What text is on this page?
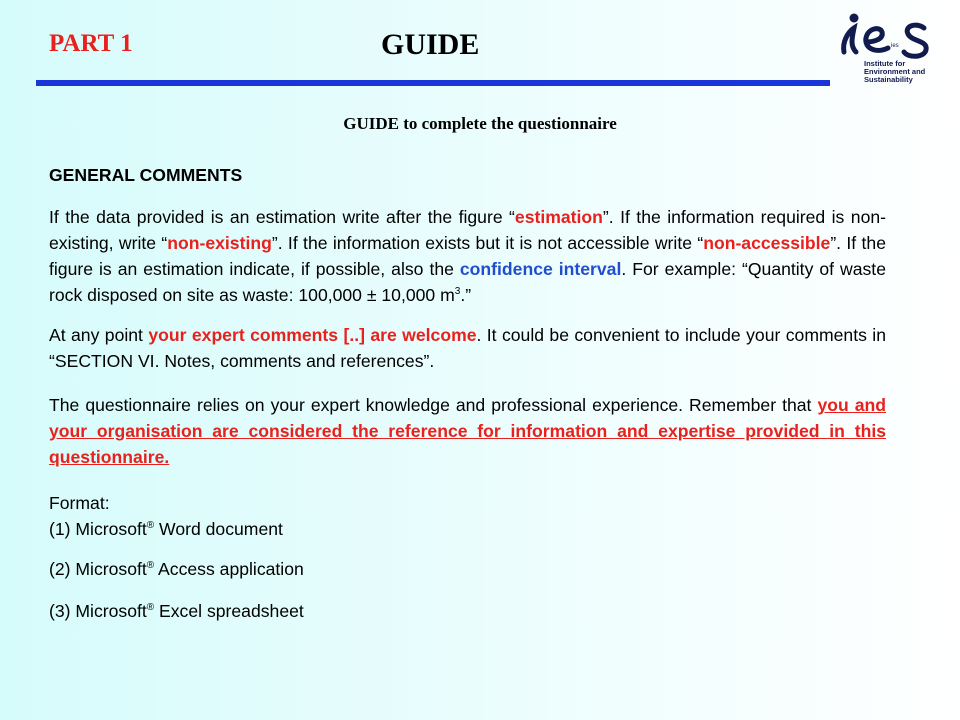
PART 1	GUIDE	ies
Institute for
Environment and
Sustainability
GUIDE to complete the questionnaire
GENERAL COMMENTS

If the data provided is an estimation write after the figure “estimation”. If the information required is non-existing, write “non-existing”. If the information exists but it is not accessible write “non-accessible”. If the figure is an estimation indicate, if possible, also the confidence interval. For example: “Quantity of waste rock disposed on site as waste: 100,000 ± 10,000 $m^3$.”

At any point your expert comments [..] are welcome. It could be convenient to include your comments in “SECTION VI. Notes, comments and references”.

The questionnaire relies on your expert knowledge and professional experience. Remember that you and your organisation are considered the reference for information and expertise provided in this questionnaire.

Format:
(1) Microsoft® Word document
(2) Microsoft® Access application
(3) Microsoft® Excel spreadsheet
